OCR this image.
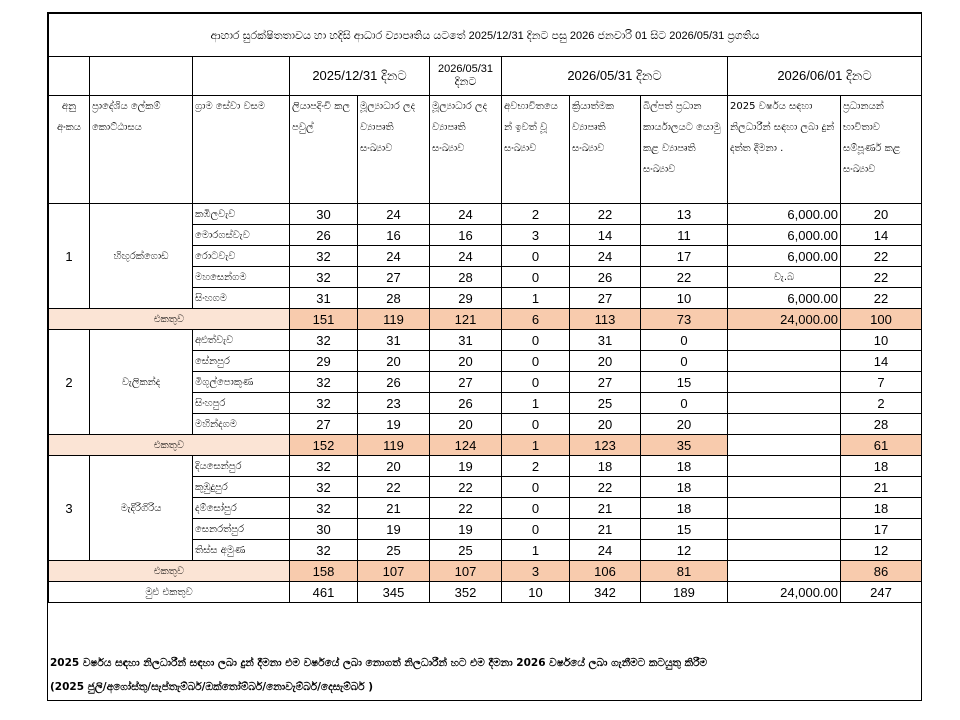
ආහාර සුරක්ෂිතතාවය හා හදිසි ආධාර ව්‍යාපෘතිය යටතේ 2025/12/31 දිනට පසු 2026 ජනවාරි 01 සිට 2026/05/31 ප්‍රගතිය										
			2025/12/31 දිනට		2026/05/31 දිනට	2026/05/31 දිනට			2026/06/01 දිනට	
අනු අංකය	ප්‍රාදේශිය ලේකම් කොට්ඨාසය	ග්‍රාම සේවා වසම	ලියාපදිංචි කල පවුල්	මූල්‍යාධාර ලද ව්‍යාපෘති සංඛ්‍යාව	මූල්‍යාධාර ලද ව්‍යාපෘති සංඛ්‍යාව	අවභාවිතයෙ න් ඉවත් වූ සංඛ්‍යාව	ක්‍රියාත්මක ව්‍යාපෘති සංඛ්‍යාව	බිල්පත් ප්‍රධාන කාර්යාලයට යොමු කළ ව්‍යාපෘති සංඛ්‍යාව	2025 වර්ෂය සඳහා නිලධාරීන් සඳහා ලබා දුන් දත්ත දීමනා .	ප්‍රධානයන් භාවිතාව සම්පූර්ණ කළ සංඛ්‍යාව
1	හිඟුරක්ගොඩ	කඹිලවැව	30	24	24	2	22	13	6,000.00	20
		මොරගස්වැව	26	16	16	3	14	11	6,000.00	14
		රොටවැව	32	24	24	0	24	17	6,000.00	22
		මහසෙන්ගම	32	27	28	0	26	22	වැ.බ	22
		සිංහගම	31	28	29	1	27	10	6,000.00	22
එකතුව			151	119	121	6	113	73	24,000.00	100
2	වැලිකන්ද	අළුත්වැව	32	31	31	0	31	0		10
		සේනපුර	29	20	20	0	20	0		14
		මිගුල්පොකුණ	32	26	27	0	27	15		7
		සිංහපුර	32	23	26	1	25	0		2
		මහින්දගම	27	19	20	0	20	20		28
එකතුව			152	119	124	1	123	35		61
3	මැදිරිගිරිය	දියසෙන්පුර	32	20	19	2	18	18		18
		කුඹුදුපුර	32	22	22	0	22	18		21
		දම්සෝපුර	32	21	22	0	21	18		18
		සෙනරත්පුර	30	19	19	0	21	15		17
		තිස්ස අමුණ	32	25	25	1	24	12		12
එකතුව			158	107	107	3	106	81		86
මුළු එකතුව			461	345	352	10	342	189	24,000.00	247
2025 වර්ෂය සඳහා නිලධාරීන් සඳහා ලබා දුන් දීමනා එම වර්ෂයේ ලබා නොගත් නිලධාරීන් හට එම දීමනා 2026 වර්ෂයේ ලබා ගැනීමට කටයුතු කිරීම
(2025 ජුලි/අගෝස්තු/සැප්තැම්බර්/ඔක්තෝම්බර්/නොවැම්බර්/දෙසැම්බර් )
